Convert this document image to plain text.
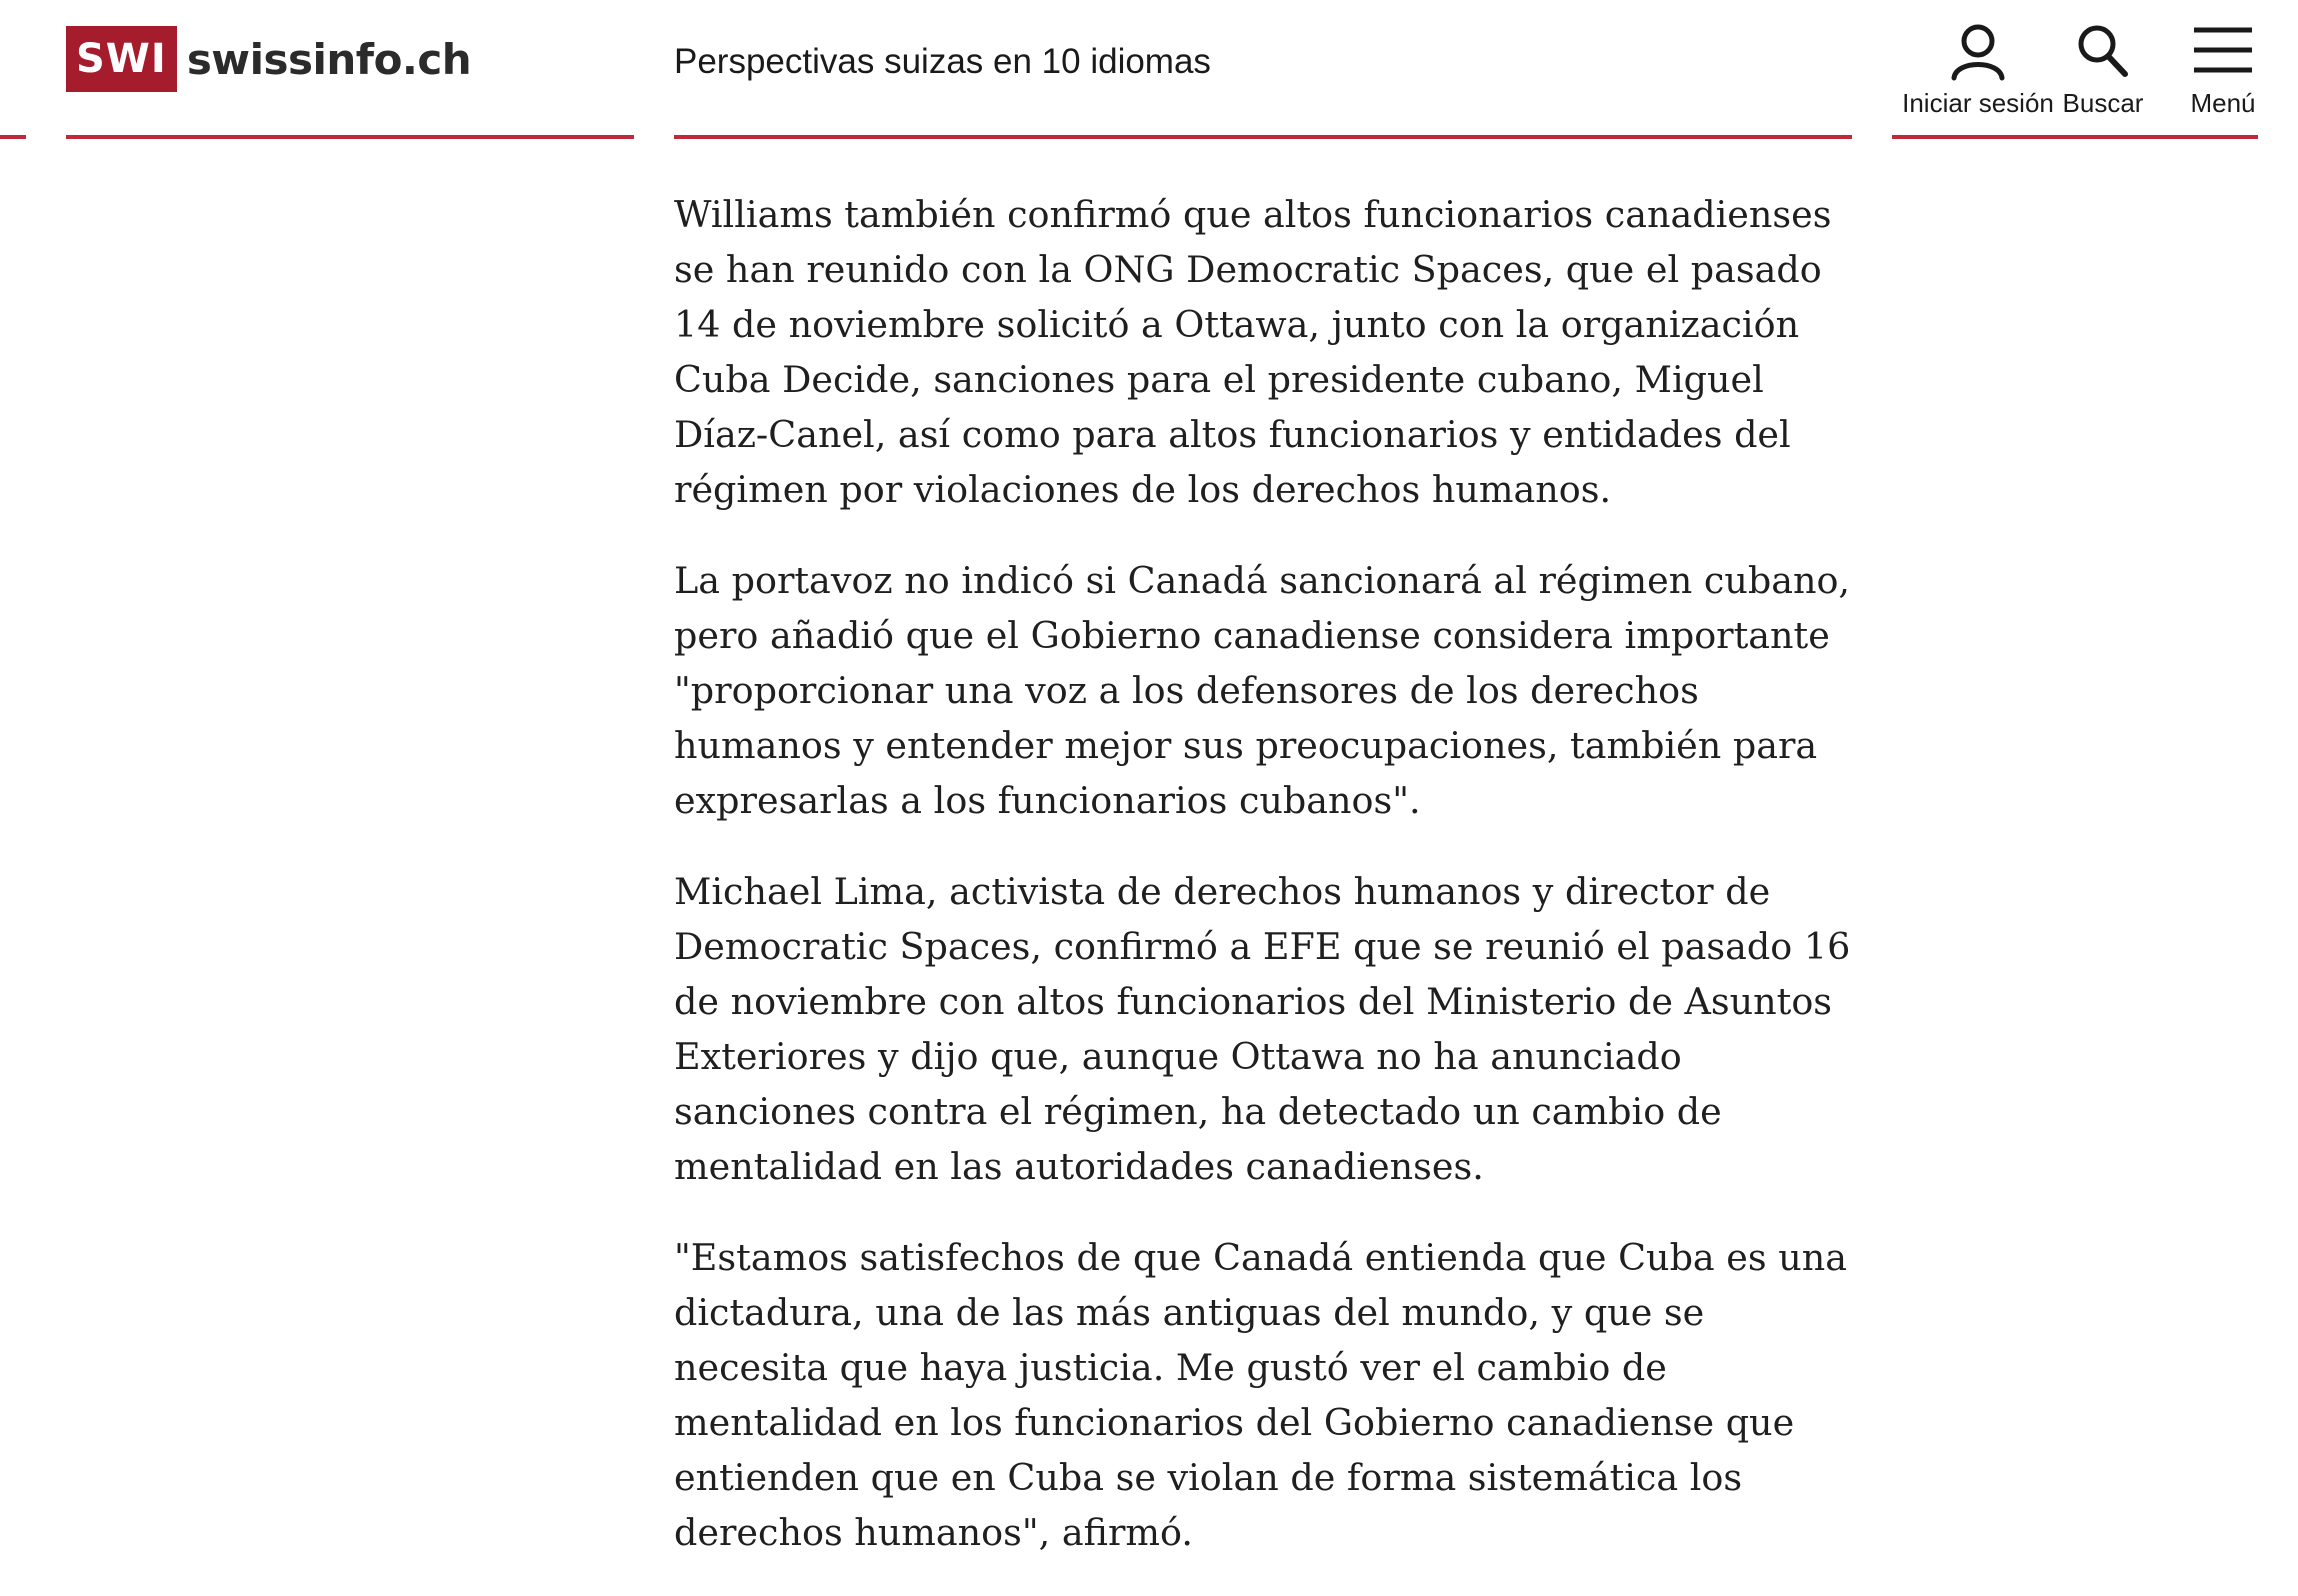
SWI swissinfo.ch	Perspectivas suizas en 10 idiomas
Iniciar sesión Buscar Menú

Williams también confirmó que altos funcionarios canadienses se han reunido con la ONG Democratic Spaces, que el pasado 14 de noviembre solicitó a Ottawa, junto con la organización Cuba Decide, sanciones para el presidente cubano, Miguel Díaz-Canel, así como para altos funcionarios y entidades del régimen por violaciones de los derechos humanos.

La portavoz no indicó si Canadá sancionará al régimen cubano, pero añadió que el Gobierno canadiense considera importante "proporcionar una voz a los defensores de los derechos humanos y entender mejor sus preocupaciones, también para expresarlas a los funcionarios cubanos".

Michael Lima, activista de derechos humanos y director de Democratic Spaces, confirmó a EFE que se reunió el pasado 16 de noviembre con altos funcionarios del Ministerio de Asuntos Exteriores y dijo que, aunque Ottawa no ha anunciado sanciones contra el régimen, ha detectado un cambio de mentalidad en las autoridades canadienses.

"Estamos satisfechos de que Canadá entienda que Cuba es una dictadura, una de las más antiguas del mundo, y que se necesita que haya justicia. Me gustó ver el cambio de mentalidad en los funcionarios del Gobierno canadiense que entienden que en Cuba se violan de forma sistemática los derechos humanos", afirmó.
